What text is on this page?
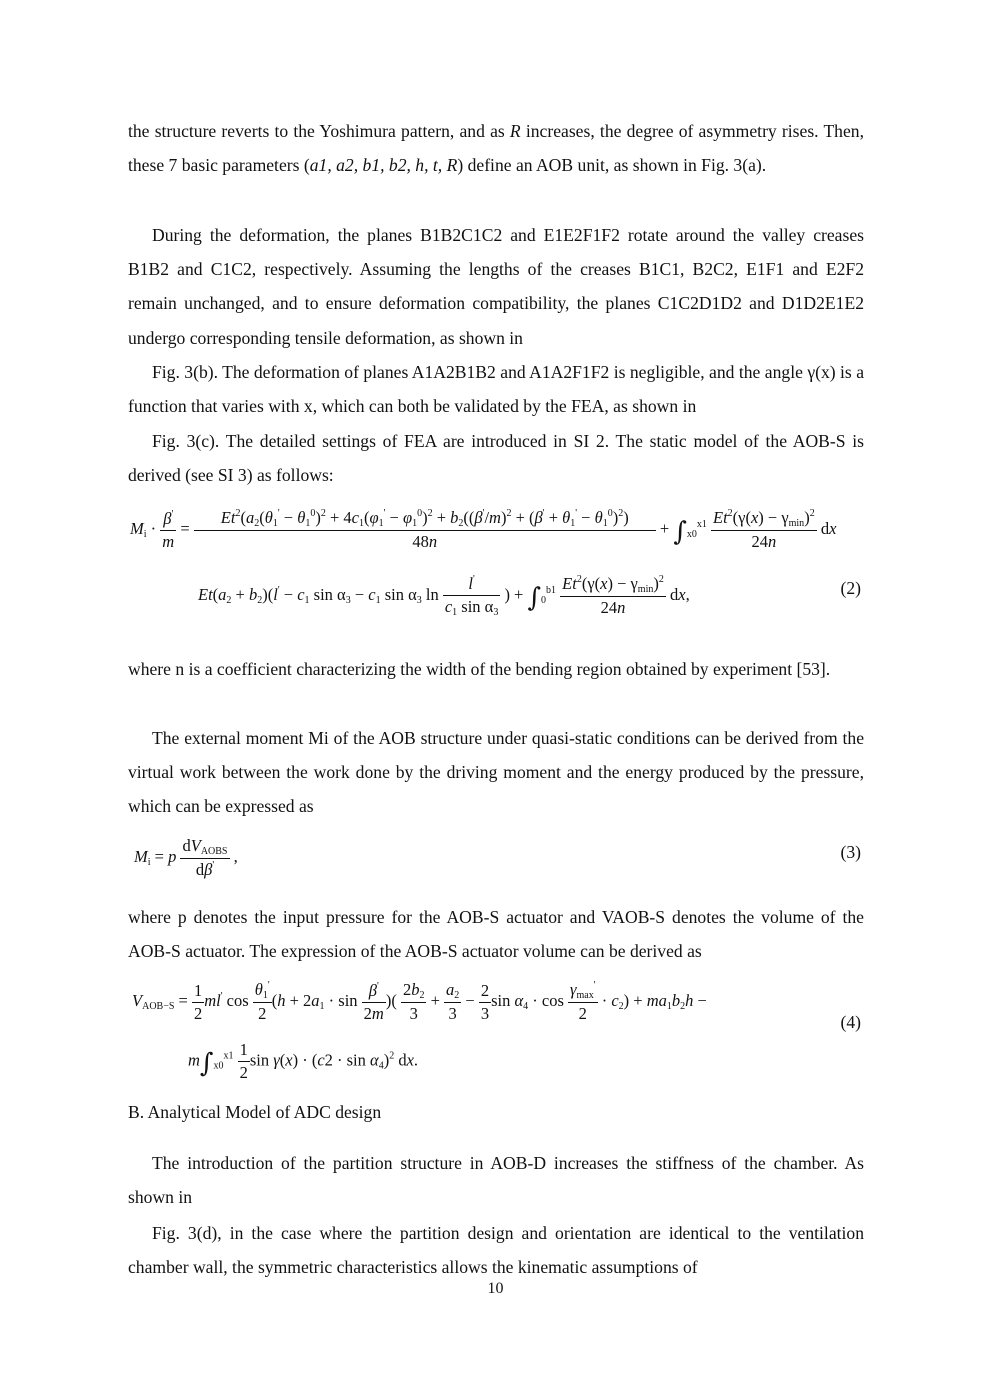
the structure reverts to the Yoshimura pattern, and as R increases, the degree of asymmetry rises. Then, these 7 basic parameters (a1, a2, b1, b2, h, t, R) define an AOB unit, as shown in Fig. 3(a).

During the deformation, the planes B1B2C1C2 and E1E2F1F2 rotate around the valley creases B1B2 and C1C2, respectively. Assuming the lengths of the creases B1C1, B2C2, E1F1 and E2F2 remain unchanged, and to ensure deformation compatibility, the planes C1C2D1D2 and D1D2E1E2 undergo corresponding tensile deformation, as shown in

Fig. 3(b). The deformation of planes A1A2B1B2 and A1A2F1F2 is negligible, and the angle γ(x) is a function that varies with x, which can both be validated by the FEA, as shown in

Fig. 3(c). The detailed settings of FEA are introduced in SI 2. The static model of the AOB-S is derived (see SI 3) as follows:

$M_i \cdot \frac{\beta'}{m}$ =
$Et^2(a_2(\theta_1' - \theta_1^0)^2 + 4c_1(\varphi_1' - \varphi_1^0)^2 + b_2((\beta'/m)^2 + (\beta' + \theta_1' - \theta_1^0)^2)$
48n
+ $\int_{x0}^{x1} \frac{Et^2(\gamma(x) - \gamma_{min})^2}{24n}$ dx
$Et(a_2 + b_2)(l' - c_1$ $\sin \alpha_3 - c_1$ $\sin \alpha_3$ $\ln \frac{l'}{c_1 \sin \alpha_3}$ ) + $\int_0^{b1} \frac{Et^2(\gamma(x) - \gamma_{min})^2}{24n}$ dx,	(2)

where n is a coefficient characterizing the width of the bending region obtained by experiment [53].

The external moment Mi of the AOB structure under quasi-static conditions can be derived from the virtual work between the work done by the driving moment and the energy produced by the pressure, which can be expressed as

$M_i = p \frac{dV_{AOBS}}{d\beta'}$ ,	(3)

where p denotes the input pressure for the AOB-S actuator and VAOB-S denotes the volume of the AOB-S actuator. The expression of the AOB-S actuator volume can be derived as

$V_{AOB-S} = \frac{1}{2} ml'$ $\cos \frac{\theta_1'}{2} (h + 2a_1 \cdot \sin \frac{\beta'}{2m}$ )( $\frac{2b_2}{3} + \frac{a_2}{3} - \frac{2}{3}$ $\sin \alpha_4 \cdot \cos \frac{\gamma_{max}'}{2} \cdot c_2) + ma_1b_2h$ −
$m\int_{x0}^{x1} \frac{1}{2}$ $\sin \gamma(x) \cdot (c2 \cdot \sin \alpha_4)^2$ dx.
(4)

B. Analytical Model of ADC design

The introduction of the partition structure in AOB-D increases the stiffness of the chamber. As shown in

Fig. 3(d), in the case where the partition design and orientation are identical to the ventilation chamber wall, the symmetric characteristics allows the kinematic assumptions of

10
